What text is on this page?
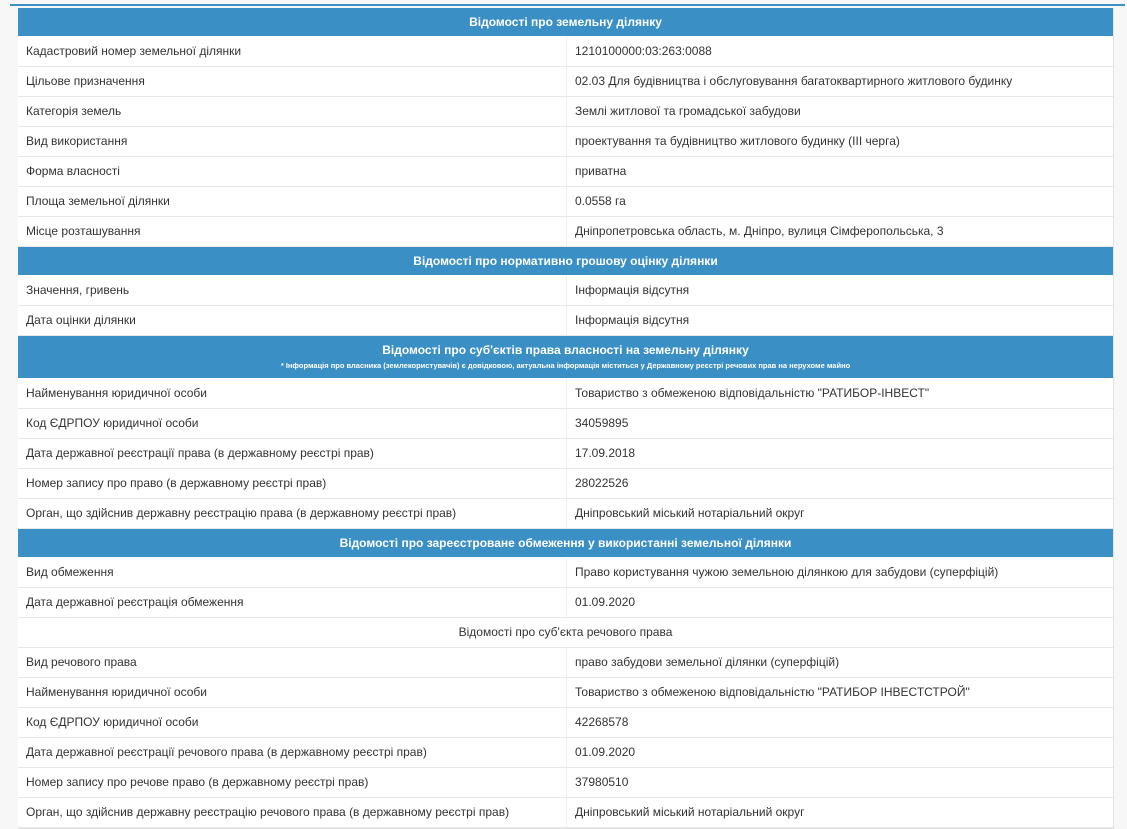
Відомості про земельну ділянку
Кадастровий номер земельної ділянки	1210100000:03:263:0088
Цільове призначення	02.03 Для будівництва і обслуговування багатоквартирного житлового будинку
Категорія земель	Землі житлової та громадської забудови
Вид використання	проектування та будівництво житлового будинку (ІІІ черга)
Форма власності	приватна
Площа земельної ділянки	0.0558 га
Місце розташування	Дніпропетровська область, м. Дніпро, вулиця Сімферопольська, 3
Відомості про нормативно грошову оцінку ділянки
Значення, гривень	Інформація відсутня
Дата оцінки ділянки	Інформація відсутня
Відомості про суб'єктів права власності на земельну ділянку
* Інформація про власника (землекористувачів) є довідковою, актуальна інформація міститься у Державному реєстрі речових прав на нерухоме майно
Найменування юридичної особи	Товариство з обмеженою відповідальністю "РАТИБОР-ІНВЕСТ"
Код ЄДРПОУ юридичної особи	34059895
Дата державної реєстрації права (в державному реєстрі прав)	17.09.2018
Номер запису про право (в державному реєстрі прав)	28022526
Орган, що здійснив державну реєстрацію права (в державному реєстрі прав)	Дніпровський міський нотаріальний округ
Відомості про зареєстроване обмеження у використанні земельної ділянки
Вид обмеження	Право користування чужою земельною ділянкою для забудови (суперфіцій)
Дата державної реєстрація обмеження	01.09.2020
Відомості про суб'єкта речового права
Вид речового права	право забудови земельної ділянки (суперфіцій)
Найменування юридичної особи	Товариство з обмеженою відповідальністю "РАТИБОР ІНВЕСТСТРОЙ"
Код ЄДРПОУ юридичної особи	42268578
Дата державної реєстрації речового права (в державному реєстрі прав)	01.09.2020
Номер запису про речове право (в державному реєстрі прав)	37980510
Орган, що здійснив державну реєстрацію речового права (в державному реєстрі прав)	Дніпровський міський нотаріальний округ
